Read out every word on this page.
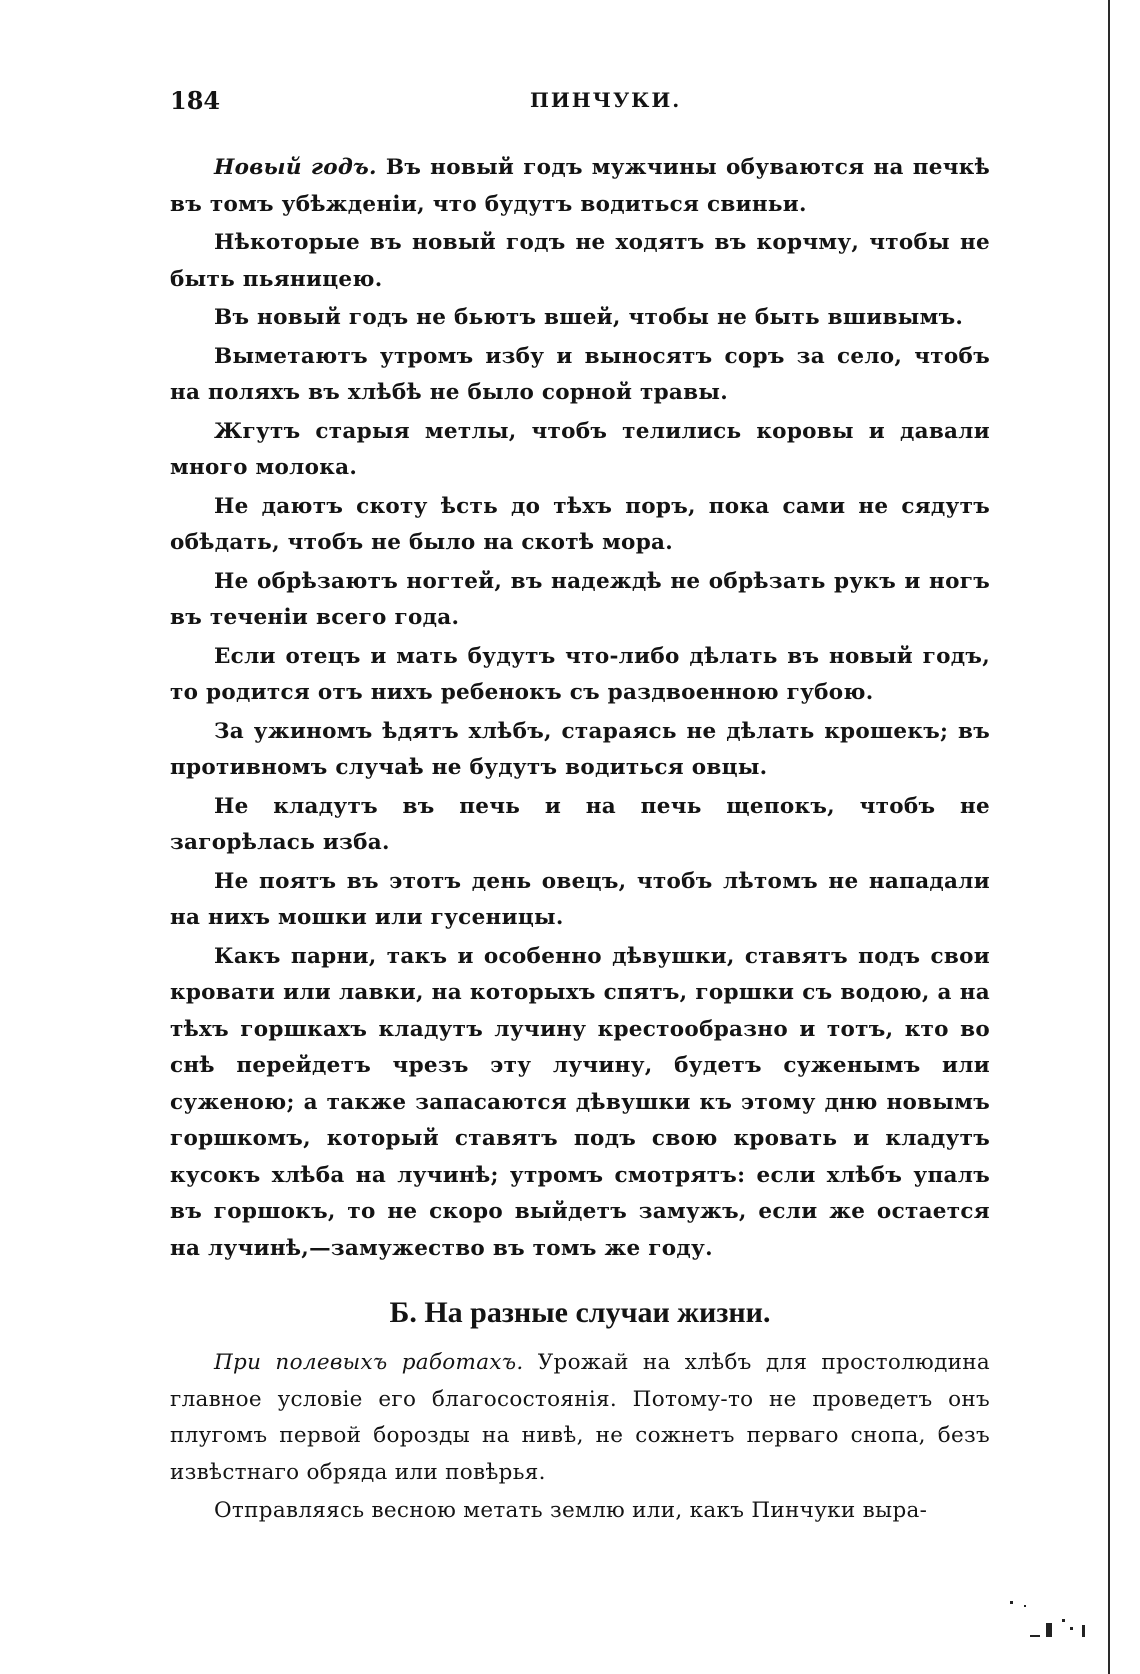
184	ПИНЧУКИ.

Новый годъ. Въ новый годъ мужчины обуваются на печкѣ въ томъ убѣжденіи, что будутъ водиться свиньи.

Нѣкоторые въ новый годъ не ходятъ въ корчму, чтобы не быть пьяницею.

Въ новый годъ не бьютъ вшей, чтобы не быть вшивымъ.

Выметаютъ утромъ избу и выносятъ соръ за село, чтобъ на поляхъ въ хлѣбѣ не было сорной травы.

Жгутъ старыя метлы, чтобъ телились коровы и давали много молока.

Не даютъ скоту ѣсть до тѣхъ поръ, пока сами не сядутъ обѣдать, чтобъ не было на скотѣ мора.

Не обрѣзаютъ ногтей, въ надеждѣ не обрѣзать рукъ и ногъ въ теченіи всего года.

Если отецъ и мать будутъ что-либо дѣлать въ новый годъ, то родится отъ нихъ ребенокъ съ раздвоенною губою.

За ужиномъ ѣдятъ хлѣбъ, стараясь не дѣлать крошекъ; въ противномъ случаѣ не будутъ водиться овцы.

Не кладутъ въ печь и на печь щепокъ, чтобъ не загорѣлась изба.

Не поятъ въ этотъ день овецъ, чтобъ лѣтомъ не нападали на нихъ мошки или гусеницы.

Какъ парни, такъ и особенно дѣвушки, ставятъ подъ свои кровати или лавки, на которыхъ спятъ, горшки съ водою, а на тѣхъ горшкахъ кладутъ лучину крестообразно и тотъ, кто во снѣ перейдетъ чрезъ эту лучину, будетъ суженымъ или суженою; а также запасаются дѣвушки къ этому дню новымъ горшкомъ, который ставятъ подъ свою кровать и кладутъ кусокъ хлѣба на лучинѣ; утромъ смотрятъ: если хлѣбъ упалъ въ горшокъ, то не скоро выйдетъ замужъ, если же остается на лучинѣ,—замужество въ томъ же году.

Б. На разные случаи жизни.

При полевыхъ работахъ. Урожай на хлѣбъ для простолюдина главное условіе его благосостоянія. Потому-то не проведетъ онъ плугомъ первой борозды на нивѣ, не сожнетъ перваго снопа, безъ извѣстнаго обряда или повѣрья.

Отправляясь весною метать землю или, какъ Пинчуки выра-
